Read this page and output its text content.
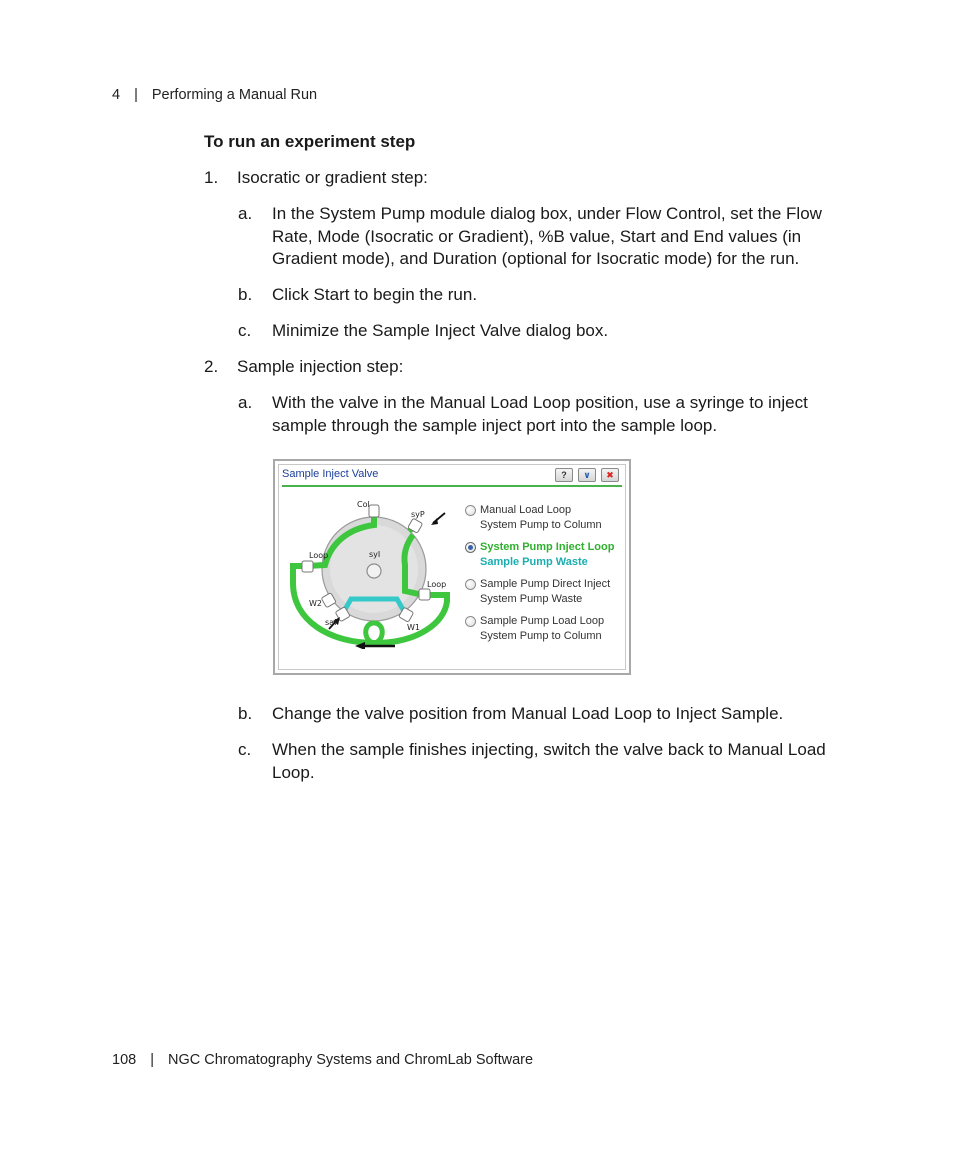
4 | Performing a Manual Run
To run an experiment step
1. Isocratic or gradient step:
a. In the System Pump module dialog box, under Flow Control, set the Flow Rate, Mode (Isocratic or Gradient), %B value, Start and End values (in Gradient mode), and Duration (optional for Isocratic mode) for the run.
b. Click Start to begin the run.
c. Minimize the Sample Inject Valve dialog box.
2. Sample injection step:
a. With the valve in the Manual Load Loop position, use a syringe to inject sample through the sample inject port into the sample loop.
Sample Inject Valve	? ∨ ✖
Col
syP
syI
Loop
Loop
W2
saP
W1
Manual Load Loop
System Pump to Column
System Pump Inject Loop
Sample Pump Waste
Sample Pump Direct Inject
System Pump Waste
Sample Pump Load Loop
System Pump to Column
b. Change the valve position from Manual Load Loop to Inject Sample.
c. When the sample finishes injecting, switch the valve back to Manual Load Loop.
108 | NGC Chromatography Systems and ChromLab Software
